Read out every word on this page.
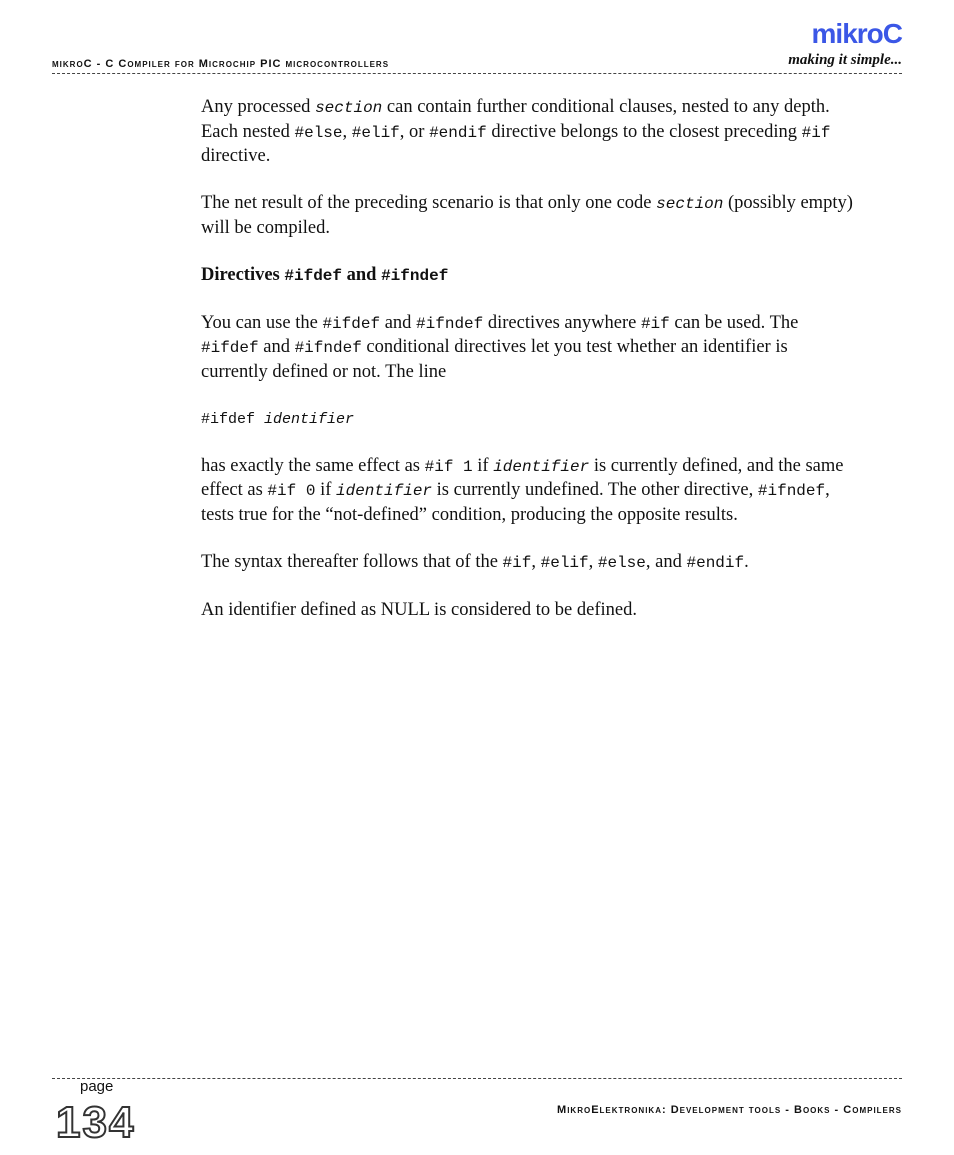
mikroC - C Compiler for Microchip PIC microcontrollers
mikroC
making it simple...

Any processed section can contain further conditional clauses, nested to any depth. Each nested #else, #elif, or #endif directive belongs to the closest preceding #if directive.

The net result of the preceding scenario is that only one code section (possibly empty) will be compiled.

Directives #ifdef and #ifndef

You can use the #ifdef and #ifndef directives anywhere #if can be used. The #ifdef and #ifndef conditional directives let you test whether an identifier is currently defined or not. The line

#ifdef identifier

has exactly the same effect as #if 1 if identifier is currently defined, and the same effect as #if 0 if identifier is currently undefined. The other directive, #ifndef, tests true for the “not-defined” condition, producing the opposite results.

The syntax thereafter follows that of the #if, #elif, #else, and #endif.

An identifier defined as NULL is considered to be defined.

page
134	MikroElektronika: Development tools - Books - Compilers
